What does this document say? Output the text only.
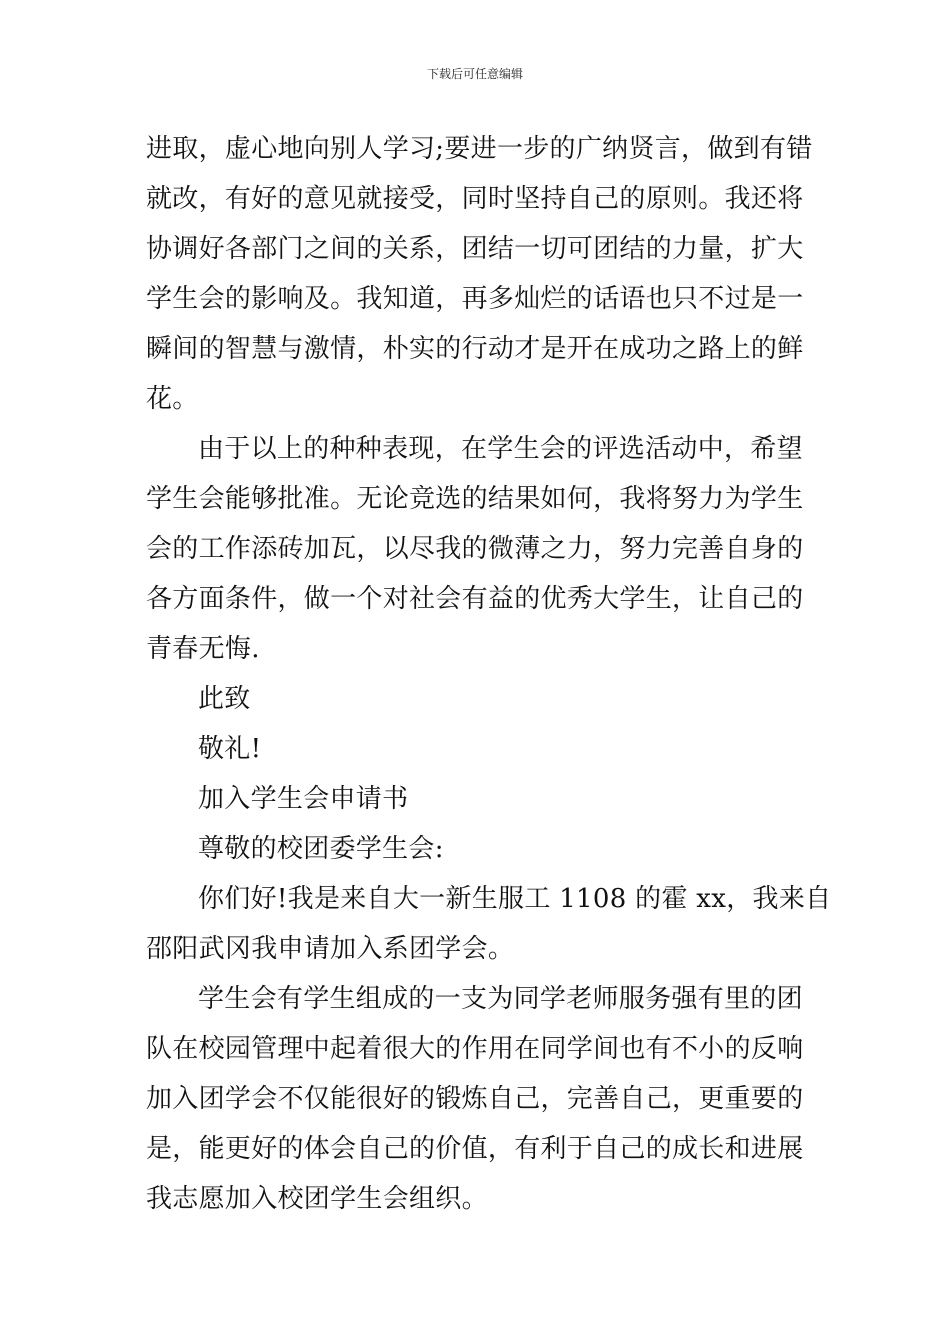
下载后可任意编辑
进取，虚心地向别人学习;要进一步的广纳贤言，做到有错
就改，有好的意见就接受，同时坚持自己的原则。我还将
协调好各部门之间的关系，团结一切可团结的力量，扩大
学生会的影响及。我知道，再多灿烂的话语也只不过是一
瞬间的智慧与激情，朴实的行动才是开在成功之路上的鲜
花。
由于以上的种种表现，在学生会的评选活动中，希望
学生会能够批准。无论竞选的结果如何，我将努力为学生
会的工作添砖加瓦，以尽我的微薄之力，努力完善自身的
各方面条件，做一个对社会有益的优秀大学生，让自己的
青春无悔.
此致
敬礼!
加入学生会申请书
尊敬的校团委学生会:
你们好!我是来自大一新生服工 1108 的霍 xx，我来自
邵阳武冈我申请加入系团学会。
学生会有学生组成的一支为同学老师服务强有里的团
队在校园管理中起着很大的作用在同学间也有不小的反响
加入团学会不仅能很好的锻炼自己，完善自己，更重要的
是，能更好的体会自己的价值，有利于自己的成长和进展
我志愿加入校团学生会组织。
